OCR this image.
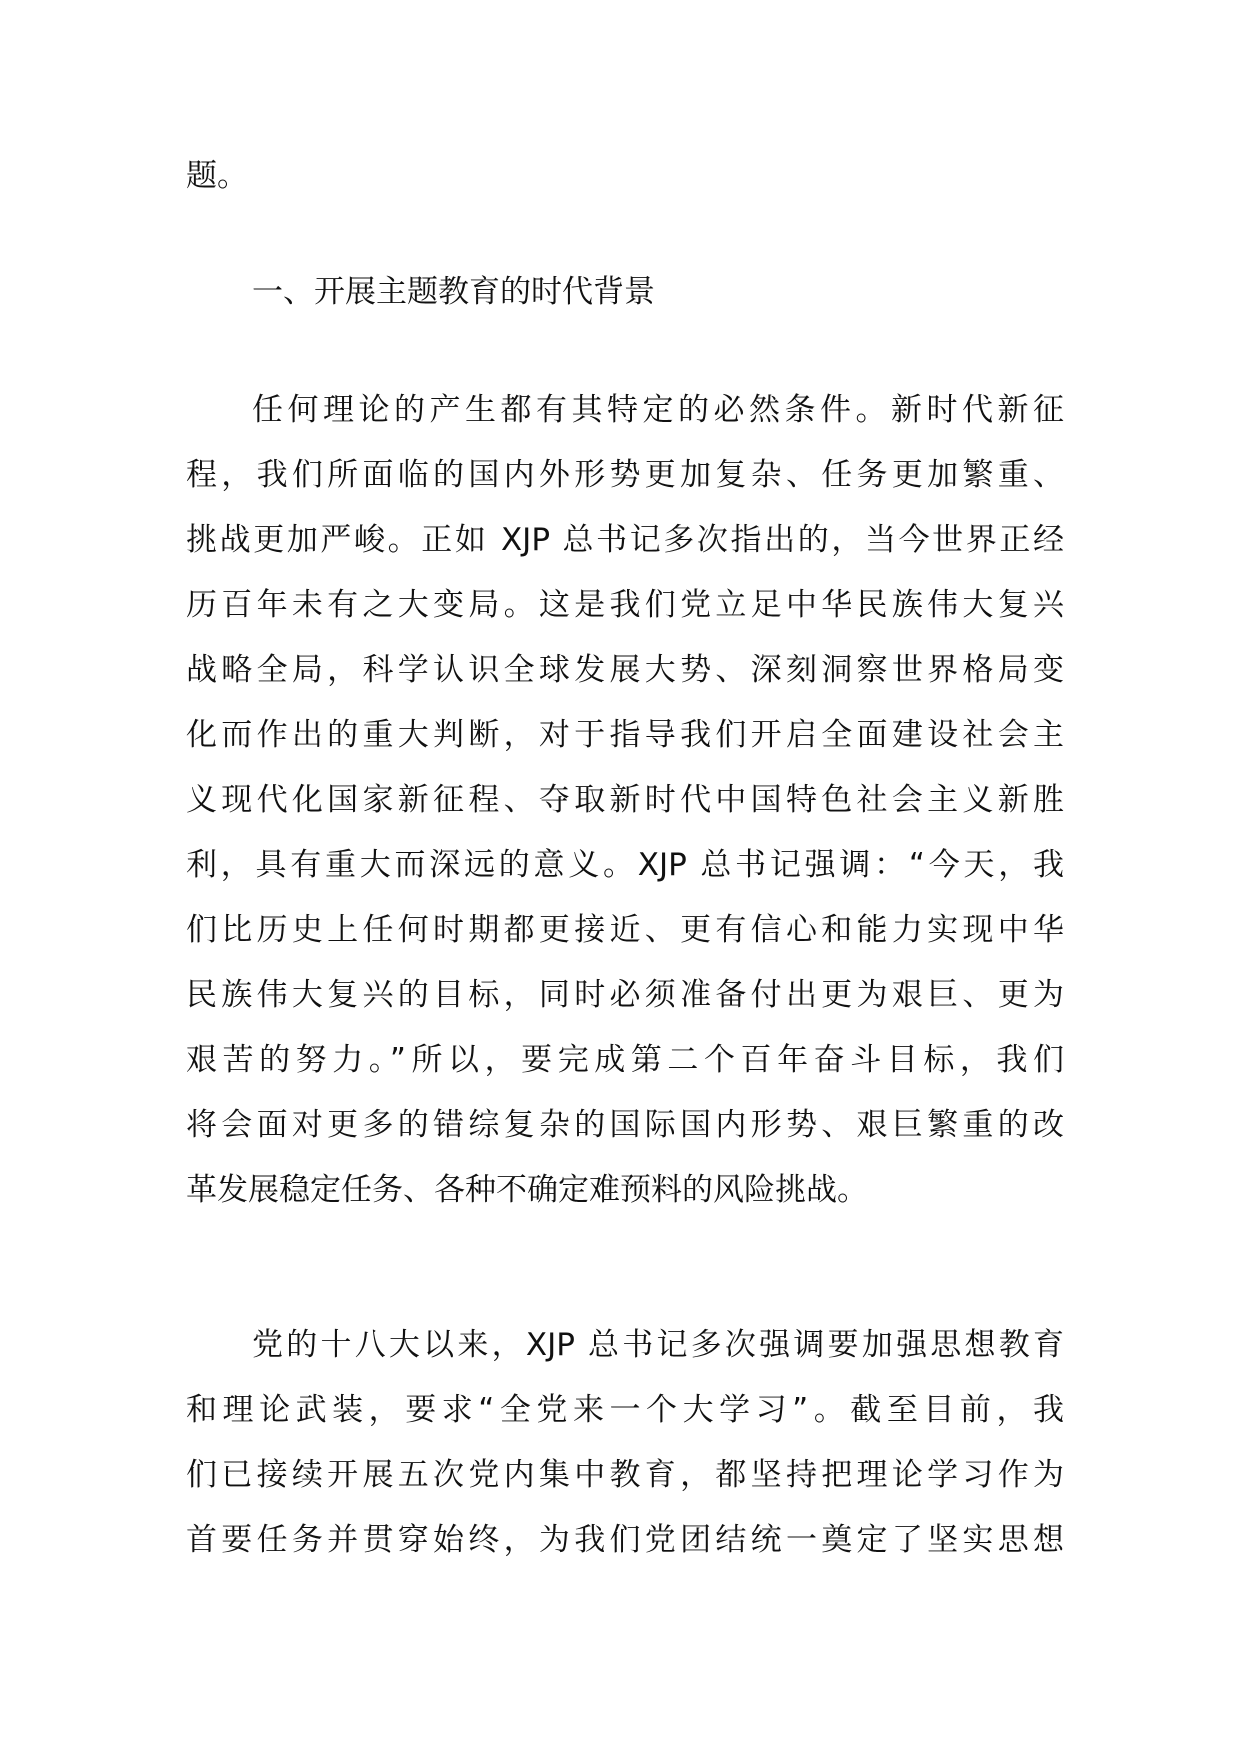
题。
一、开展主题教育的时代背景
任何理论的产生都有其特定的必然条件。新时代新征
程，我们所面临的国内外形势更加复杂、任务更加繁重、
挑战更加严峻。正如 XJP 总书记多次指出的，当今世界正经
历百年未有之大变局。这是我们党立足中华民族伟大复兴
战略全局，科学认识全球发展大势、深刻洞察世界格局变
化而作出的重大判断，对于指导我们开启全面建设社会主
义现代化国家新征程、夺取新时代中国特色社会主义新胜
利，具有重大而深远的意义。XJP 总书记强调：“今天，我
们比历史上任何时期都更接近、更有信心和能力实现中华
民族伟大复兴的目标，同时必须准备付出更为艰巨、更为
艰苦的努力。”所以，要完成第二个百年奋斗目标，我们
将会面对更多的错综复杂的国际国内形势、艰巨繁重的改
革发展稳定任务、各种不确定难预料的风险挑战。
党的十八大以来，XJP 总书记多次强调要加强思想教育
和理论武装，要求“全党来一个大学习”。截至目前，我
们已接续开展五次党内集中教育，都坚持把理论学习作为
首要任务并贯穿始终，为我们党团结统一奠定了坚实思想
